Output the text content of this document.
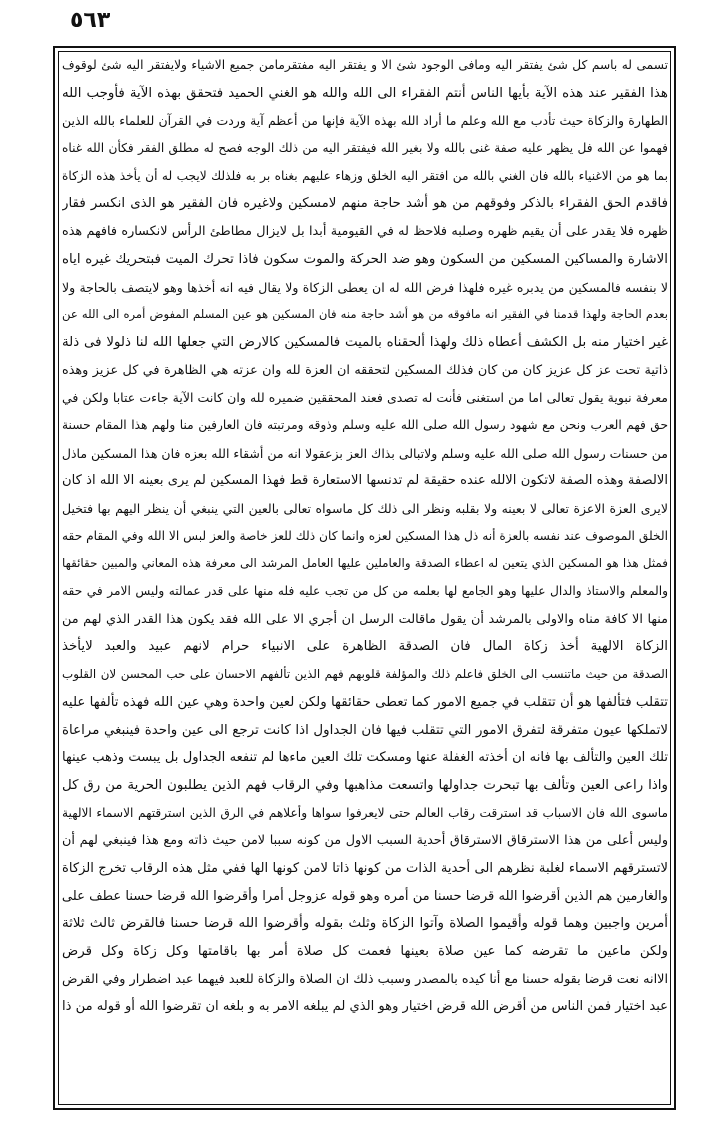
٥٦٣
تسمى له باسم كل شئ يفتقر اليه ومافى الوجود شئ الا و يفتقر اليه مفتقرمامن جميع الاشياء ولايفتقر اليه شئ لوقوف
هذا الفقير عند هذه الآية بأيها الناس أنتم الفقراء الى الله والله هو الغني الحميد فتحقق بهذه الآية فأوجب الله
الطهارة والزكاة حيث تأدب مع الله وعلم ما أراد الله بهذه الآية فإنها من أعظم آية وردت في القرآن للعلماء بالله الذين
فهموا عن الله فل يظهر عليه صفة غنى بالله ولا بغير الله فيفتقر اليه من ذلك الوجه فصح له مطلق الفقر فكأن الله غناه
بما هو من الاغنياء بالله فان الغني بالله من افتقر اليه الخلق وزهاء عليهم بغناه بر به فلذلك لايجب له أن يأخذ هذه الزكاة
فاقدم الحق الفقراء بالذكر وفوقهم من هو أشد حاجة منهم لامسكين ولاغيره فان الفقير هو الذى انكسر فقار
ظهره فلا يقدر على أن يقيم ظهره وصلبه فلاحظ له في القيومية أبدا بل لايزال مطاطئ الرأس لانكساره فافهم هذه
الاشارة والمساكين المسكين من السكون وهو ضد الحركة والموت سكون فاذا تحرك الميت فبتحريك غيره اياه
لا بنفسه فالمسكين من يدبره غيره فلهذا فرض الله له ان يعطى الزكاة ولا يقال فيه انه أخذها وهو لايتصف بالحاجة ولا
بعدم الحاجة ولهذا قدمنا في الفقير انه مافوقه من هو أشد حاجة منه فان المسكين هو عين المسلم المفوض أمره الى الله عن
غير اختيار منه بل الكشف أعطاه ذلك ولهذا ألحقناه بالميت فالمسكين كالارض التي جعلها الله لنا ذلولا فى ذلة
ذاتية تحت عز كل عزيز كان من كان فذلك المسكين لتحققه ان العزة لله وان عزته هي الظاهرة في كل عزيز وهذه
معرفة نبوية يقول تعالى اما من استغنى فأنت له تصدى فعند المحققين ضميره لله وان كانت الآية جاءت عتابا ولكن في
حق فهم العرب ونحن مع شهود رسول الله صلى الله عليه وسلم وذوقه ومرتبته فان العارفين منا ولهم هذا المقام حسنة
من حسنات رسول الله صلى الله عليه وسلم ولاتبالى بذاك العز بزعقولا انه من أشقاء الله بعزه فان هذا المسكين ماذل
الالصفة وهذه الصفة لاتكون الالله عنده حقيقة لم تدنسها الاستعارة قط فهذا المسكين لم يرى بعينه الا الله اذ كان
لايرى العزة الاعزة تعالى لا بعينه ولا بقلبه ونظر الى ذلك كل ماسواه تعالى بالعين التي ينبغي أن ينظر اليهم بها فتخيل
الخلق الموصوف عند نفسه بالعزة أنه ذل هذا المسكين لعزه وانما كان ذلك للعز خاصة والعز لبس الا الله وفي المقام حقه
فمثل هذا هو المسكين الذي يتعين له اعطاء الصدقة والعاملين عليها العامل المرشد الى معرفة هذه المعاني والمبين حقائقها
والمعلم والاستاذ والدال عليها وهو الجامع لها بعلمه من كل من تجب عليه فله منها على قدر عمالته وليس الامر في حقه
منها الا كافة مناه والاولى بالمرشد أن يقول ماقالت الرسل ان أجري الا على الله فقد يكون هذا القدر الذي لهم من
الزكاة الالهية أخذ زكاة المال فان الصدقة الظاهرة على الانبياء حرام لانهم عبيد والعبد لايأخذ
الصدقة من حيث ماتنسب الى الخلق فاعلم ذلك والمؤلفة قلوبهم فهم الذين تألفهم الاحسان على حب المحسن لان القلوب
تتقلب فتألفها هو أن تتقلب في جميع الامور كما تعطى حقائقها ولكن لعين واحدة وهي عين الله فهذه تألفها عليه
لاتملكها عيون متفرقة لتفرق الامور التي تتقلب فيها فان الجداول اذا كانت ترجع الى عين واحدة فينبغي مراعاة
تلك العين والتألف بها فانه ان أخذته الغفلة عنها ومسكت تلك العين ماءها لم تنفعه الجداول بل يبست وذهب عينها
واذا راعى العين وتألف بها تبحرت جداولها واتسعت مذاهبها وفي الرقاب فهم الذين يطلبون الحرية من رق كل
ماسوى الله فان الاسباب قد استرقت رقاب العالم حتى لايعرفوا سواها وأعلاهم في الرق الذين استرقتهم الاسماء الالهية
وليس أعلى من هذا الاسترقاق الاسترقاق أحدية السبب الاول من كونه سببا لامن حيث ذاته ومع هذا فينبغي لهم أن
لاتسترقهم الاسماء لغلبة نظرهم الى أحدية الذات من كونها ذاتا لامن كونها الها ففي مثل هذه الرقاب تخرج الزكاة
والغارمين هم الذين أقرضوا الله قرضا حسنا من أمره وهو قوله عزوجل أمرا وأقرضوا الله قرضا حسنا عطف على
أمرين واجبين وهما قوله وأقيموا الصلاة وآتوا الزكاة وثلث بقوله وأقرضوا الله قرضا حسنا فالقرض ثالث ثلاثة
ولكن ماعين ما تقرضه كما عين صلاة بعينها فعمت كل صلاة أمر بها باقامتها وكل زكاة وكل قرض
الاانه نعت قرضا بقوله حسنا مع أنا كيده بالمصدر وسبب ذلك ان الصلاة والزكاة للعبد فيهما عبد اضطرار وفي القرض
عبد اختيار فمن الناس من أقرض الله قرض اختيار وهو الذي لم يبلغه الامر به و بلغه ان تقرضوا الله أو قوله من ذا
